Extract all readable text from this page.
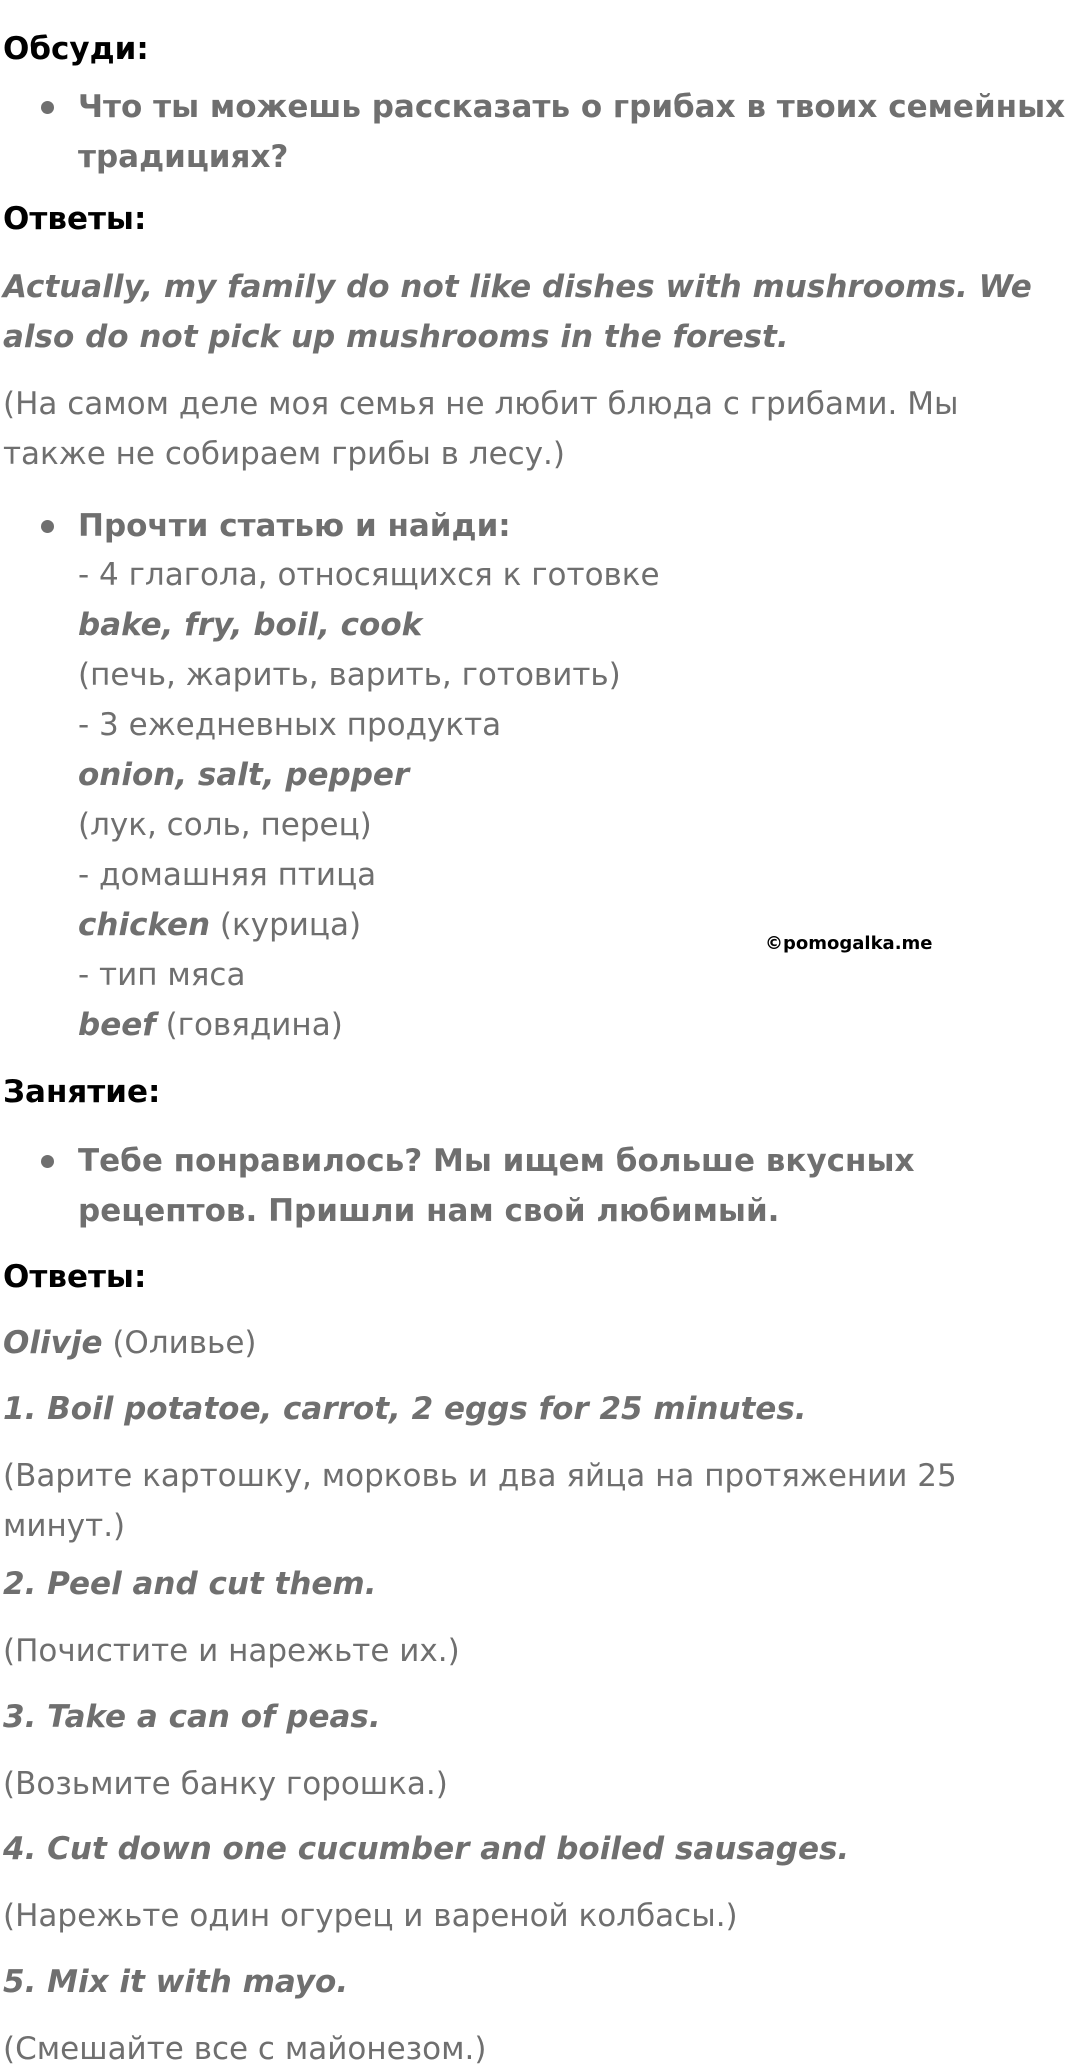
Обсуди:
Что ты можешь рассказать о грибах в твоих семейных
традициях?
Ответы:
Actually, my family do not like dishes with mushrooms. We
also do not pick up mushrooms in the forest.
(На самом деле моя семья не любит блюда с грибами. Мы
также не собираем грибы в лесу.)
Прочти статью и найди:
- 4 глагола, относящихся к готовке
bake, fry, boil, cook
(печь, жарить, варить, готовить)
- 3 ежедневных продукта
onion, salt, pepper
(лук, соль, перец)
- домашняя птица
chicken (курица)
- тип мяса
beef (говядина)
Занятие:
Тебе понравилось? Мы ищем больше вкусных
рецептов. Пришли нам свой любимый.
Ответы:
Olivje (Оливье)
1. Boil potatoe, carrot, 2 eggs for 25 minutes.
(Варите картошку, морковь и два яйца на протяжении 25
минут.)
2. Peel and cut them.
(Почистите и нарежьте их.)
3. Take a can of peas.
(Возьмите банку горошка.)
4. Cut down one cucumber and boiled sausages.
(Нарежьте один огурец и вареной колбасы.)
5. Mix it with mayo.
(Смешайте все с майонезом.)
©pomogalka.me
